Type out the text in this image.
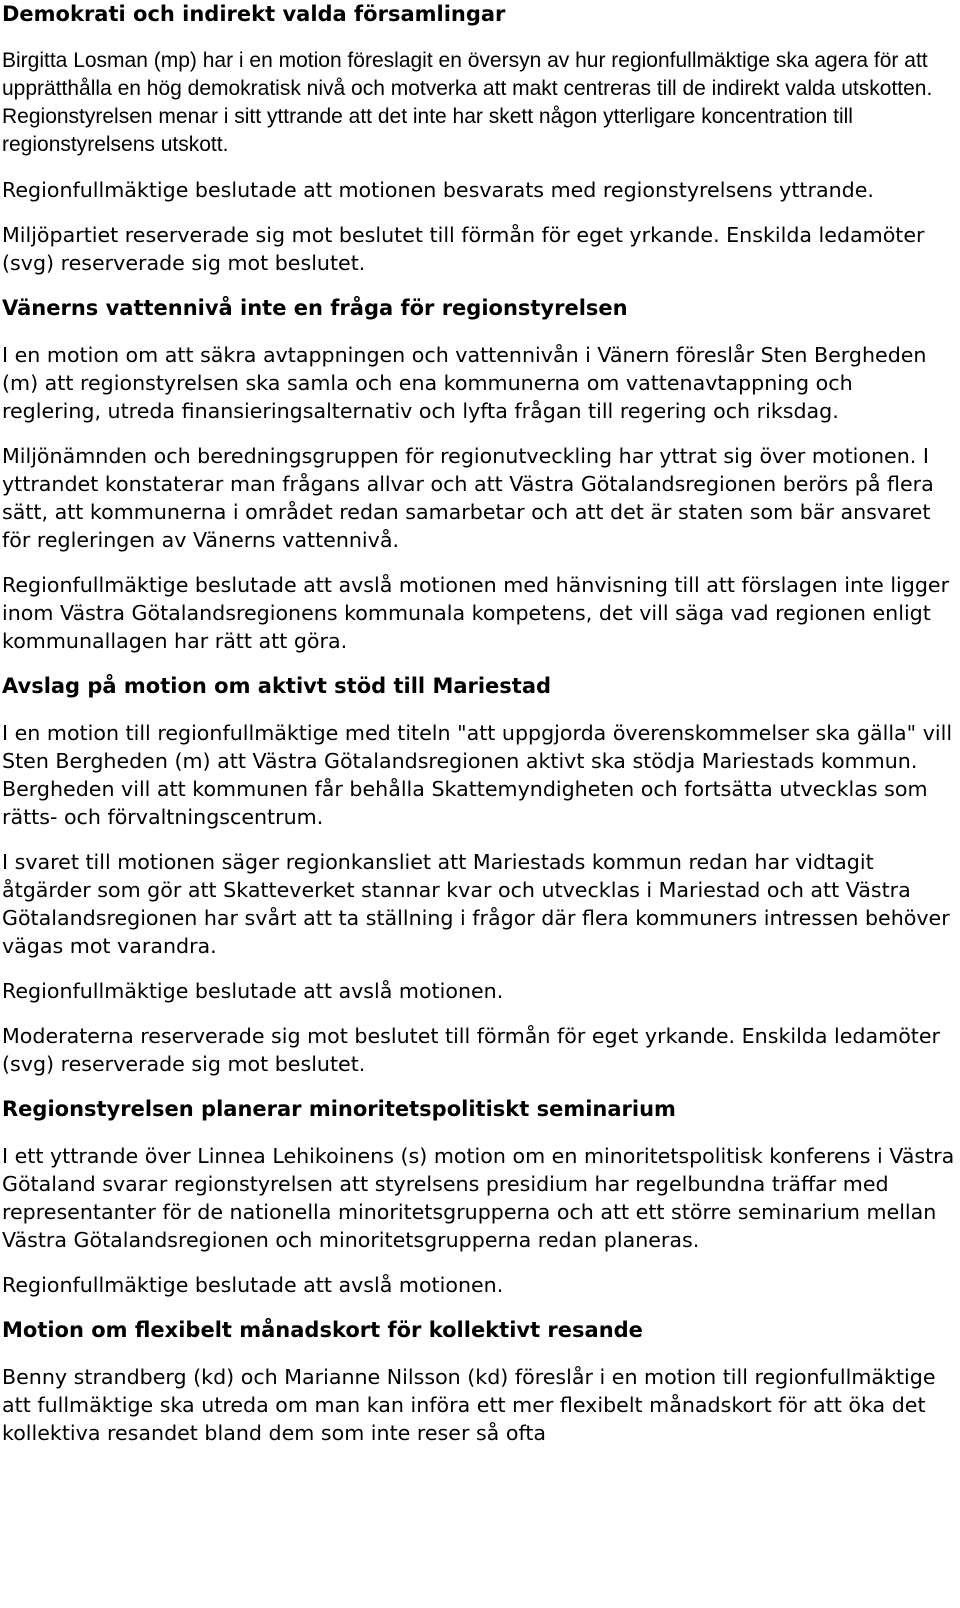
Demokrati och indirekt valda församlingar

Birgitta Losman (mp) har i en motion föreslagit en översyn av hur regionfullmäktige ska agera för att upprätthålla en hög demokratisk nivå och motverka att makt centreras till de indirekt valda utskotten. Regionstyrelsen menar i sitt yttrande att det inte har skett någon ytterligare koncentration till regionstyrelsens utskott.

Regionfullmäktige beslutade att motionen besvarats med regionstyrelsens yttrande.

Miljöpartiet reserverade sig mot beslutet till förmån för eget yrkande. Enskilda ledamöter (svg) reserverade sig mot beslutet.

Vänerns vattennivå inte en fråga för regionstyrelsen

I en motion om att säkra avtappningen och vattennivån i Vänern föreslår Sten Bergheden (m) att regionstyrelsen ska samla och ena kommunerna om vattenavtappning och reglering, utreda finansieringsalternativ och lyfta frågan till regering och riksdag.

Miljönämnden och beredningsgruppen för regionutveckling har yttrat sig över motionen. I yttrandet konstaterar man frågans allvar och att Västra Götalandsregionen berörs på flera sätt, att kommunerna i området redan samarbetar och att det är staten som bär ansvaret för regleringen av Vänerns vattennivå.

Regionfullmäktige beslutade att avslå motionen med hänvisning till att förslagen inte ligger inom Västra Götalandsregionens kommunala kompetens, det vill säga vad regionen enligt kommunallagen har rätt att göra.

Avslag på motion om aktivt stöd till Mariestad

I en motion till regionfullmäktige med titeln "att uppgjorda överenskommelser ska gälla" vill Sten Bergheden (m) att Västra Götalandsregionen aktivt ska stödja Mariestads kommun. Bergheden vill att kommunen får behålla Skattemyndigheten och fortsätta utvecklas som rätts- och förvaltningscentrum.

I svaret till motionen säger regionkansliet att Mariestads kommun redan har vidtagit åtgärder som gör att Skatteverket stannar kvar och utvecklas i Mariestad och att Västra Götalandsregionen har svårt att ta ställning i frågor där flera kommuners intressen behöver vägas mot varandra.

Regionfullmäktige beslutade att avslå motionen.

Moderaterna reserverade sig mot beslutet till förmån för eget yrkande. Enskilda ledamöter (svg) reserverade sig mot beslutet.

Regionstyrelsen planerar minoritetspolitiskt seminarium

I ett yttrande över Linnea Lehikoinens (s) motion om en minoritetspolitisk konferens i Västra Götaland svarar regionstyrelsen att styrelsens presidium har regelbundna träffar med representanter för de nationella minoritetsgrupperna och att ett större seminarium mellan Västra Götalandsregionen och minoritetsgrupperna redan planeras.

Regionfullmäktige beslutade att avslå motionen.

Motion om flexibelt månadskort för kollektivt resande

Benny strandberg (kd) och Marianne Nilsson (kd) föreslår i en motion till regionfullmäktige att fullmäktige ska utreda om man kan införa ett mer flexibelt månadskort för att öka det kollektiva resandet bland dem som inte reser så ofta
